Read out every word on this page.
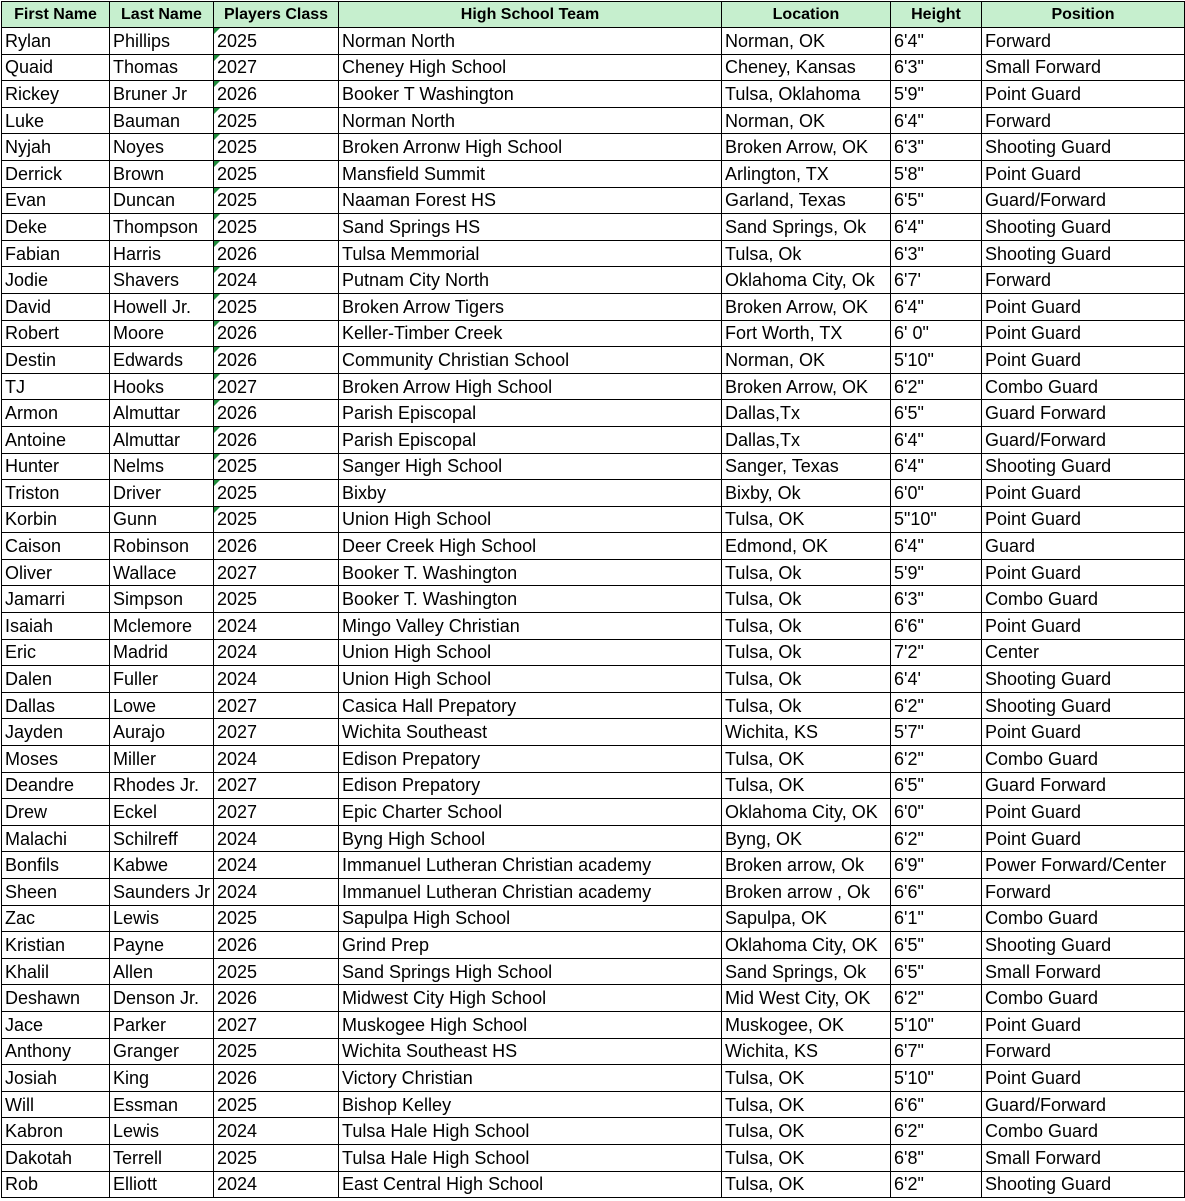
First Name	Last Name	Players Class	High School Team	Location	Height	Position
Rylan	Phillips	2025	Norman North	Norman, OK	6'4"	Forward
Quaid	Thomas	2027	Cheney High School	Cheney, Kansas	6'3"	Small Forward
Rickey	Bruner Jr	2026	Booker T Washington	Tulsa, Oklahoma	5'9"	Point Guard
Luke	Bauman	2025	Norman North	Norman, OK	6'4"	Forward
Nyjah	Noyes	2025	Broken Arronw High School	Broken Arrow, OK	6'3"	Shooting Guard
Derrick	Brown	2025	Mansfield Summit	Arlington, TX	5'8"	Point Guard
Evan	Duncan	2025	Naaman Forest HS	Garland, Texas	6'5"	Guard/Forward
Deke	Thompson	2025	Sand Springs HS	Sand Springs, Ok	6'4"	Shooting Guard
Fabian	Harris	2026	Tulsa Memmorial	Tulsa, Ok	6'3"	Shooting Guard
Jodie	Shavers	2024	Putnam City North	Oklahoma City, Ok	6'7'	Forward
David	Howell Jr.	2025	Broken Arrow Tigers	Broken Arrow, OK	6'4"	Point Guard
Robert	Moore	2026	Keller-Timber Creek	Fort Worth, TX	6' 0"	Point Guard
Destin	Edwards	2026	Community Christian School	Norman, OK	5'10"	Point Guard
TJ	Hooks	2027	Broken Arrow High School	Broken Arrow, OK	6'2"	Combo Guard
Armon	Almuttar	2026	Parish Episcopal	Dallas,Tx	6'5"	Guard Forward
Antoine	Almuttar	2026	Parish Episcopal	Dallas,Tx	6'4"	Guard/Forward
Hunter	Nelms	2025	Sanger High School	Sanger, Texas	6'4"	Shooting Guard
Triston	Driver	2025	Bixby	Bixby, Ok	6'0"	Point Guard
Korbin	Gunn	2025	Union High School	Tulsa, OK	5"10"	Point Guard
Caison	Robinson	2026	Deer Creek High School	Edmond, OK	6'4"	Guard
Oliver	Wallace	2027	Booker T. Washington	Tulsa, Ok	5'9"	Point Guard
Jamarri	Simpson	2025	Booker T. Washington	Tulsa, Ok	6'3"	Combo Guard
Isaiah	Mclemore	2024	Mingo Valley Christian	Tulsa, Ok	6'6"	Point Guard
Eric	Madrid	2024	Union High School	Tulsa, Ok	7'2"	Center
Dalen	Fuller	2024	Union High School	Tulsa, Ok	6'4'	Shooting Guard
Dallas	Lowe	2027	Casica Hall Prepatory	Tulsa, Ok	6'2"	Shooting Guard
Jayden	Aurajo	2027	Wichita Southeast	Wichita, KS	5'7"	Point Guard
Moses	Miller	2024	Edison Prepatory	Tulsa, OK	6'2"	Combo Guard
Deandre	Rhodes Jr.	2027	Edison Prepatory	Tulsa, OK	6'5"	Guard Forward
Drew	Eckel	2027	Epic Charter School	Oklahoma City, OK	6'0"	Point Guard
Malachi	Schilreff	2024	Byng High School	Byng, OK	6'2"	Point Guard
Bonfils	Kabwe	2024	Immanuel Lutheran Christian academy	Broken arrow, Ok	6'9"	Power Forward/Center
Sheen	Saunders Jr	2024	Immanuel Lutheran Christian academy	Broken arrow , Ok	6'6"	Forward
Zac	Lewis	2025	Sapulpa High School	Sapulpa, OK	6'1"	Combo Guard
Kristian	Payne	2026	Grind Prep	Oklahoma City, OK	6'5"	Shooting Guard
Khalil	Allen	2025	Sand Springs High School	Sand Springs, Ok	6'5"	Small Forward
Deshawn	Denson Jr.	2026	Midwest City High School	Mid West City, OK	6'2"	Combo Guard
Jace	Parker	2027	Muskogee High School	Muskogee, OK	5'10"	Point Guard
Anthony	Granger	2025	Wichita Southeast HS	Wichita, KS	6'7"	Forward
Josiah	King	2026	Victory Christian	Tulsa, OK	5'10"	Point Guard
Will	Essman	2025	Bishop Kelley	Tulsa, OK	6'6"	Guard/Forward
Kabron	Lewis	2024	Tulsa Hale High School	Tulsa, OK	6'2"	Combo Guard
Dakotah	Terrell	2025	Tulsa Hale High School	Tulsa, OK	6'8"	Small Forward
Rob	Elliott	2024	East Central High School	Tulsa, OK	6'2"	Shooting Guard
